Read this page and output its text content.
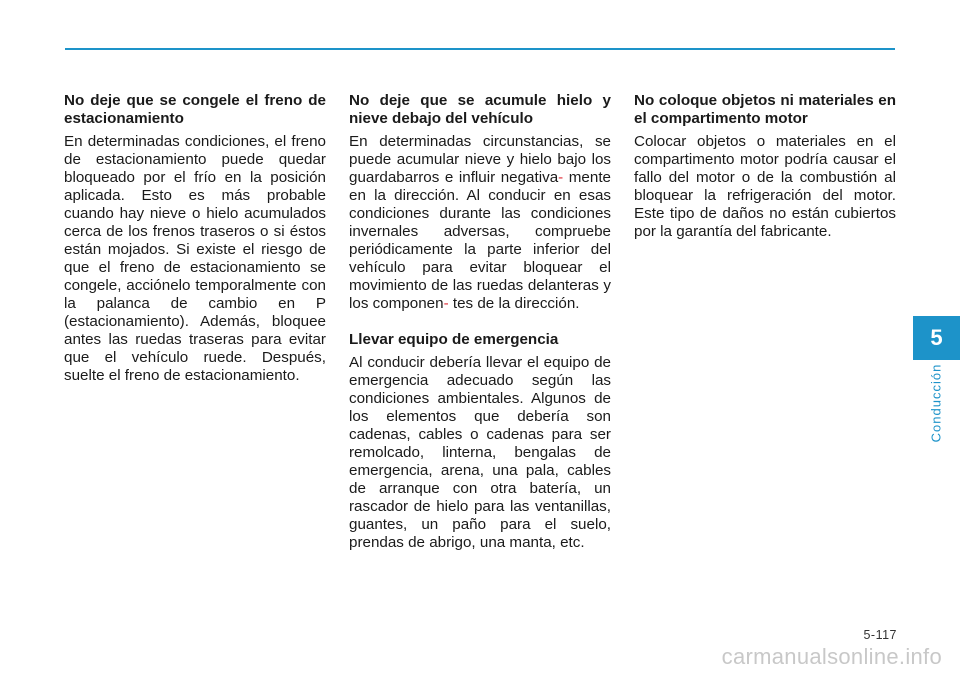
No deje que se congele el freno de estacionamiento

En determinadas condiciones, el freno de estacionamiento puede quedar bloqueado por el frío en la posición aplicada. Esto es más probable cuando hay nieve o hielo acumulados cerca de los frenos traseros o si éstos están mojados. Si existe el riesgo de que el freno de estacionamiento se congele, acciónelo temporalmente con la palanca de cambio en P (estacionamiento). Además, bloquee antes las ruedas traseras para evitar que el vehículo ruede. Después, suelte el freno de estacionamiento.

No deje que se acumule hielo y nieve debajo del vehículo

En determinadas circunstancias, se puede acumular nieve y hielo bajo los guardabarros e influir negativa- mente en la dirección. Al conducir en esas condiciones durante las condiciones invernales adversas, compruebe periódicamente la parte inferior del vehículo para evitar bloquear el movimiento de las ruedas delanteras y los componen- tes de la dirección.

Llevar equipo de emergencia

Al conducir debería llevar el equipo de emergencia adecuado según las condiciones ambientales. Algunos de los elementos que debería son cadenas, cables o cadenas para ser remolcado, linterna, bengalas de emergencia, arena, una pala, cables de arranque con otra batería, un rascador de hielo para las ventanillas, guantes, un paño para el suelo, prendas de abrigo, una manta, etc.

No coloque objetos ni materiales en el compartimento motor

Colocar objetos o materiales en el compartimento motor podría causar el fallo del motor o de la combustión al bloquear la refrigeración del motor. Este tipo de daños no están cubiertos por la garantía del fabricante.

5
Conducción
5-117
carmanualsonline.info
